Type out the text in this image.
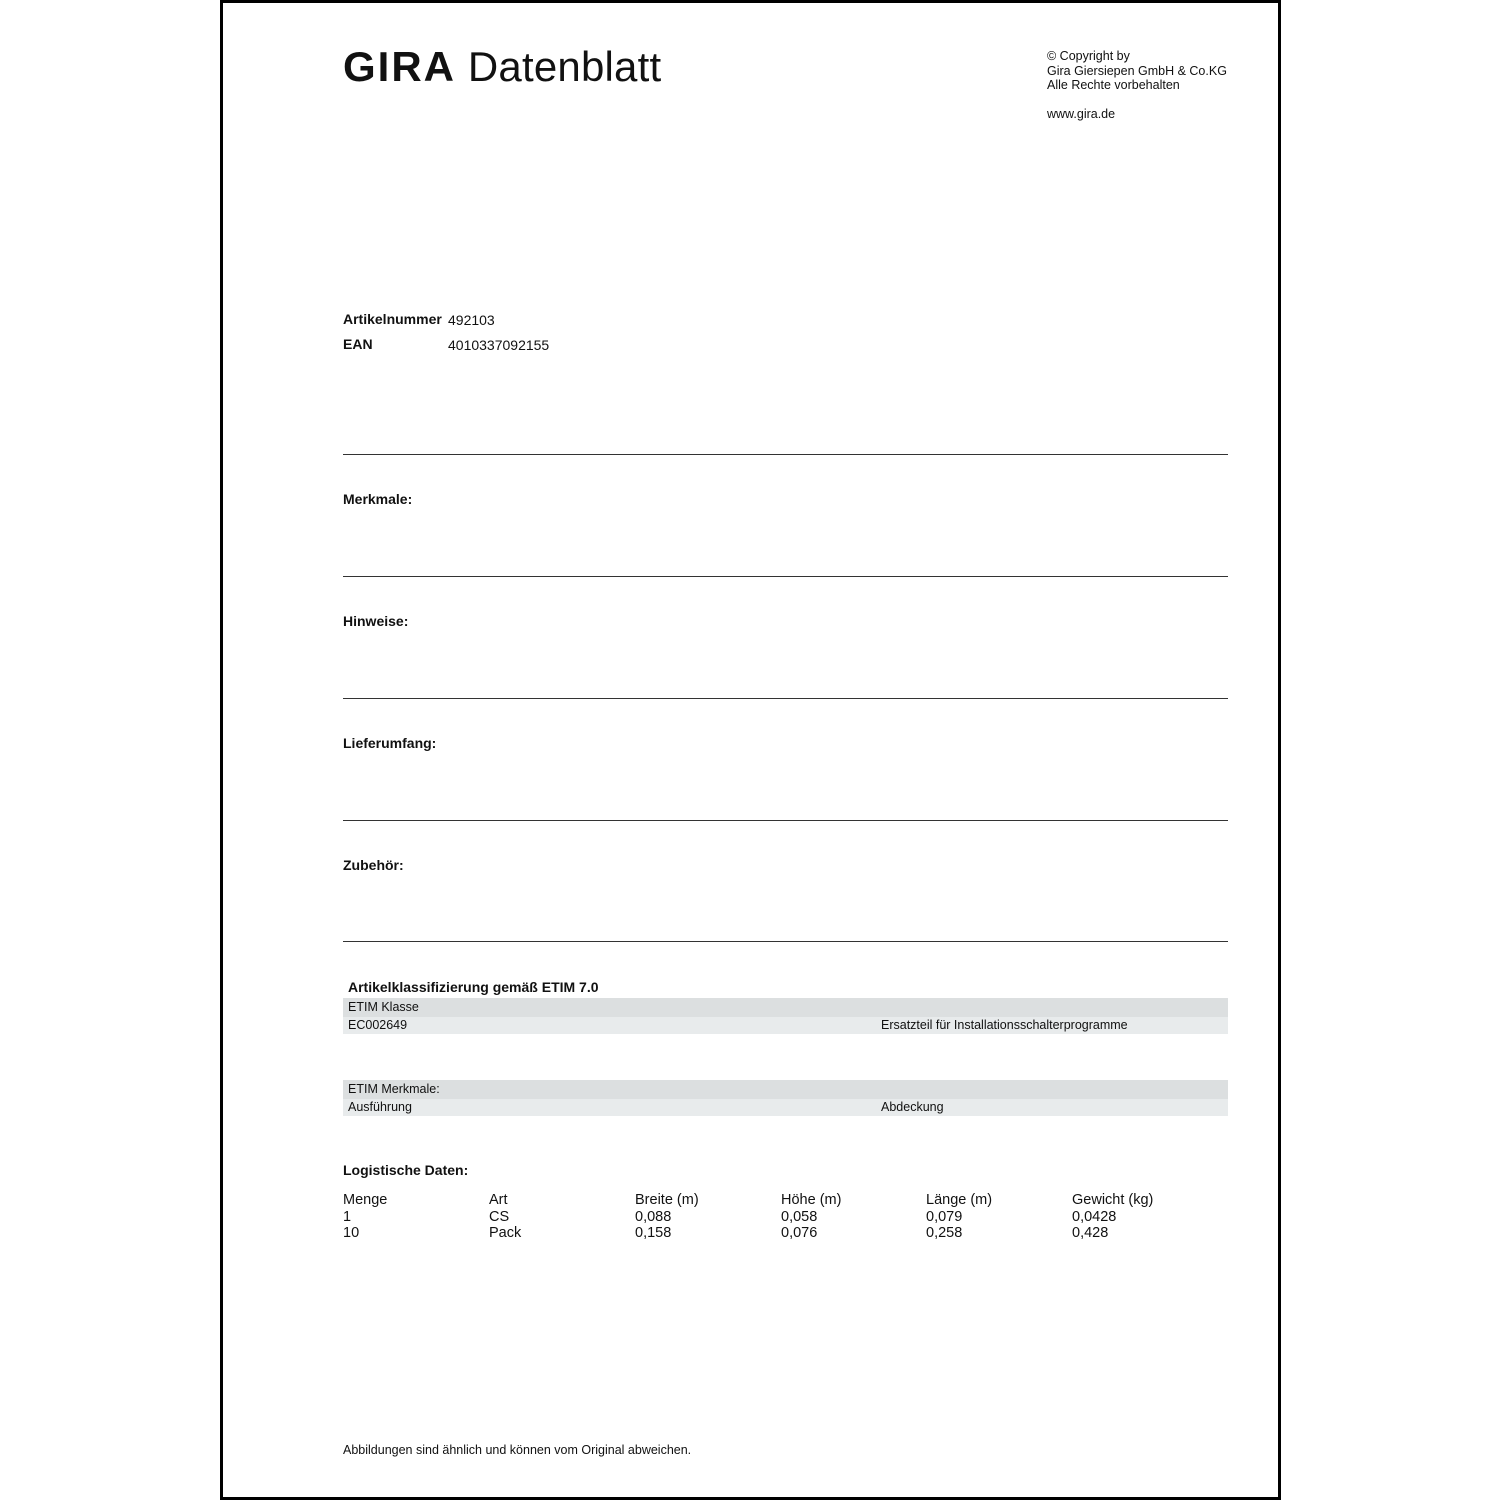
GIRA Datenblatt	© Copyright by
Gira Giersiepen GmbH & Co.KG
Alle Rechte vorbehalten
www.gira.de
Artikelnummer 492103
EAN	4010337092155
Merkmale:
Hinweise:
Lieferumfang:
Zubehör:
Artikelklassifizierung gemäß ETIM 7.0
ETIM Klasse
EC002649	Ersatzteil für Installationsschalterprogramme
ETIM Merkmale:
Ausführung	Abdeckung
Logistische Daten:
Menge	Art	Breite (m)	Höhe (m)	Länge (m)	Gewicht (kg)
1	CS	0,088	0,058	0,079	0,0428
10	Pack	0,158	0,076	0,258	0,428
Abbildungen sind ähnlich und können vom Original abweichen.
